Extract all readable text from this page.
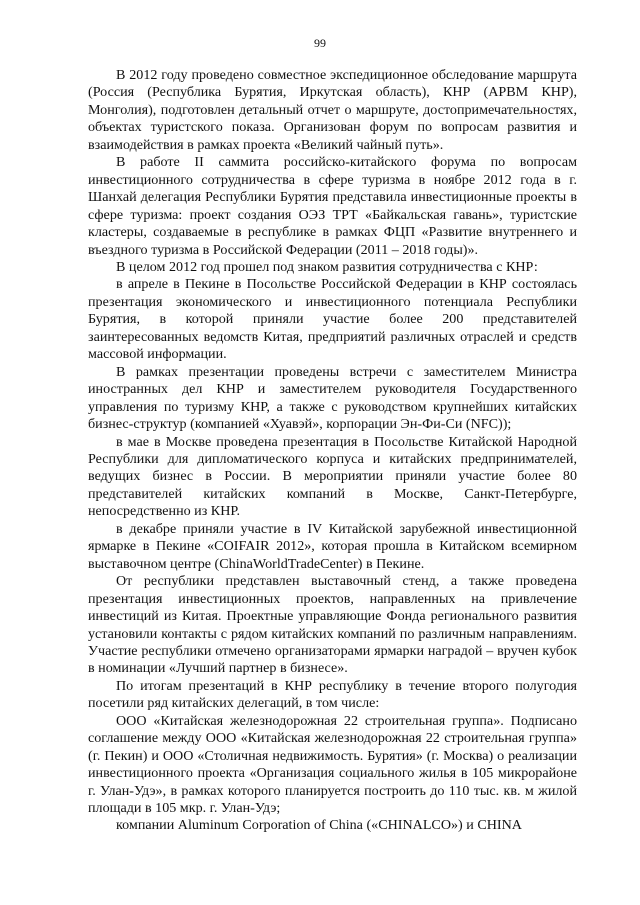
99

В 2012 году проведено совместное экспедиционное обследование маршрута (Россия (Республика Бурятия, Иркутская область), КНР (АРВМ КНР), Монголия), подготовлен детальный отчет о маршруте, достопримечательностях, объектах туристского показа. Организован форум по вопросам развития и взаимодействия в рамках проекта «Великий чайный путь».

В работе II саммита российско-китайского форума по вопросам инвестиционного сотрудничества в сфере туризма в ноябре 2012 года в г. Шанхай делегация Республики Бурятия представила инвестиционные проекты в сфере туризма: проект создания ОЭЗ ТРТ «Байкальская гавань», туристские кластеры, создаваемые в республике в рамках ФЦП «Развитие внутреннего и въездного туризма в Российской Федерации (2011 – 2018 годы)».

В целом 2012 год прошел под знаком развития сотрудничества с КНР:

в апреле в Пекине в Посольстве Российской Федерации в КНР состоялась презентация экономического и инвестиционного потенциала Республики Бурятия, в которой приняли участие более 200 представителей заинтересованных ведомств Китая, предприятий различных отраслей и средств массовой информации.

В рамках презентации проведены встречи с заместителем Министра иностранных дел КНР и заместителем руководителя Государственного управления по туризму КНР, а также с руководством крупнейших китайских бизнес-структур (компанией «Хуавэй», корпорации Эн-Фи-Си (NFC));

в мае в Москве проведена презентация в Посольстве Китайской Народной Республики для дипломатического корпуса и китайских предпринимателей, ведущих бизнес в России. В мероприятии приняли участие более 80 представителей китайских компаний в Москве, Санкт-Петербурге, непосредственно из КНР.

в декабре приняли участие в IV Китайской зарубежной инвестиционной ярмарке в Пекине «COIFAIR 2012», которая прошла в Китайском всемирном выставочном центре (ChinaWorldTradeCenter) в Пекине.

От республики представлен выставочный стенд, а также проведена презентация инвестиционных проектов, направленных на привлечение инвестиций из Китая. Проектные управляющие Фонда регионального развития установили контакты с рядом китайских компаний по различным направлениям. Участие республики отмечено организаторами ярмарки наградой – вручен кубок в номинации «Лучший партнер в бизнесе».

По итогам презентаций в КНР республику в течение второго полугодия посетили ряд китайских делегаций, в том числе:

ООО «Китайская железнодорожная 22 строительная группа». Подписано соглашение между ООО «Китайская железнодорожная 22 строительная группа» (г. Пекин) и ООО «Столичная недвижимость. Бурятия» (г. Москва) о реализации инвестиционного проекта «Организация социального жилья в 105 микрорайоне г. Улан-Удэ», в рамках которого планируется построить до 110 тыс. кв. м жилой площади в 105 мкр. г. Улан-Удэ;

компании Aluminum Corporation of China («CHINALCO») и CHINA
